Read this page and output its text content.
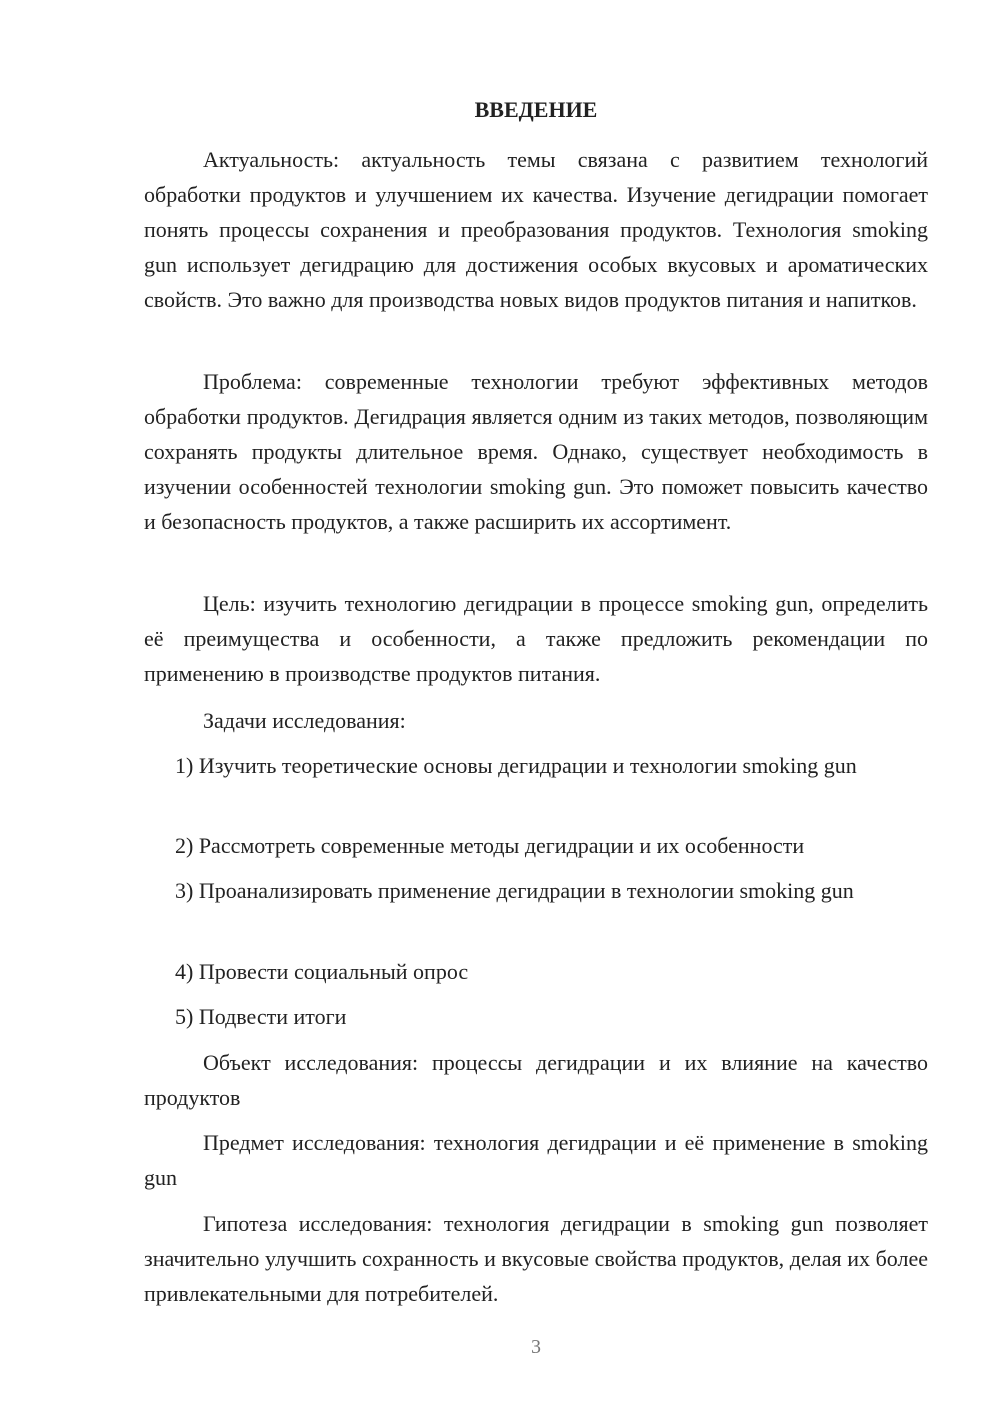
ВВЕДЕНИЕ

Актуальность: актуальность темы связана с развитием технологий обработки продуктов и улучшением их качества. Изучение дегидрации помогает понять процессы сохранения и преобразования продуктов. Технология smoking gun использует дегидрацию для достижения особых вкусовых и ароматических свойств. Это важно для производства новых видов продуктов питания и напитков.

Проблема: современные технологии требуют эффективных методов обработки продуктов. Дегидрация является одним из таких методов, позволяющим сохранять продукты длительное время. Однако, существует необходимость в изучении особенностей технологии smoking gun. Это поможет повысить качество и безопасность продуктов, а также расширить их ассортимент.

Цель: изучить технологию дегидрации в процессе smoking gun, определить её преимущества и особенности, а также предложить рекомендации по применению в производстве продуктов питания.

Задачи исследования:

1) Изучить теоретические основы дегидрации и технологии smoking gun

2) Рассмотреть современные методы дегидрации и их особенности

3) Проанализировать применение дегидрации в технологии smoking gun

4) Провести социальный опрос

5) Подвести итоги

Объект исследования: процессы дегидрации и их влияние на качество продуктов

Предмет исследования: технология дегидрации и её применение в smoking gun

Гипотеза исследования: технология дегидрации в smoking gun позволяет значительно улучшить сохранность и вкусовые свойства продуктов, делая их более привлекательными для потребителей.

3
